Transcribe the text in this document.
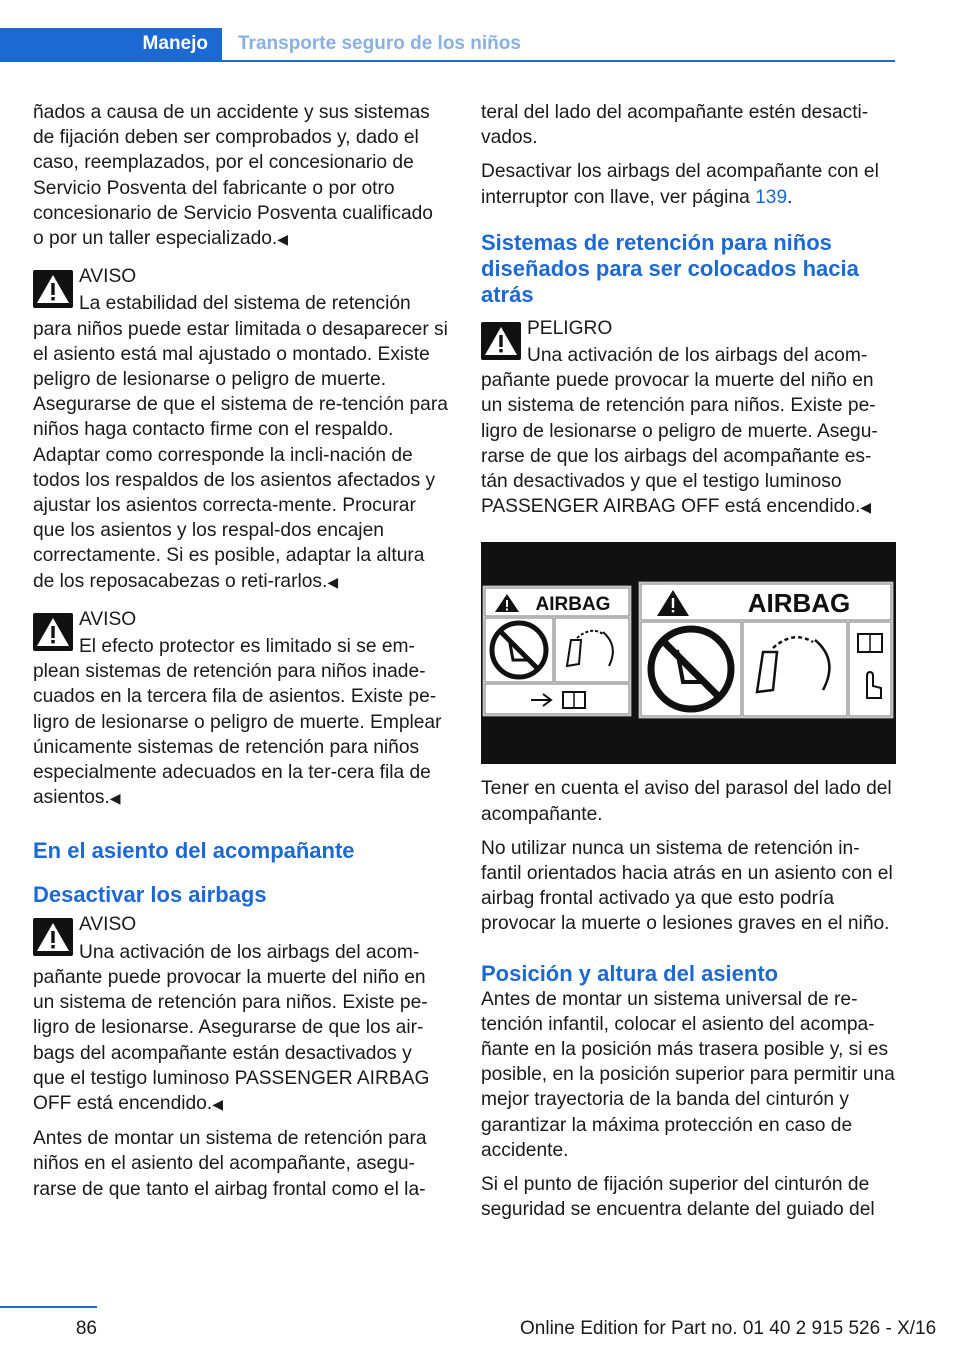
Manejo	Transporte seguro de los niños
ñados a causa de un accidente y sus sistemas de fijación deben ser comprobados y, dado el caso, reemplazados, por el concesionario de Servicio Posventa del fabricante o por otro concesionario de Servicio Posventa cualificado o por un taller especializado.◀
AVISO
La estabilidad del sistema de retención para niños puede estar limitada o desaparecer si el asiento está mal ajustado o montado. Existe peligro de lesionarse o peligro de muerte. Asegurarse de que el sistema de re‐tención para niños haga contacto firme con el respaldo. Adaptar como corresponde la incli‐nación de todos los respaldos de los asientos afectados y ajustar los asientos correcta‐mente. Procurar que los asientos y los respal‐dos encajen correctamente. Si es posible, adaptar la altura de los reposacabezas o reti‐rarlos.◀
AVISO
El efecto protector es limitado si se em‐plean sistemas de retención para niños inade‐cuados en la tercera fila de asientos. Existe pe‐ligro de lesionarse o peligro de muerte. Emplear únicamente sistemas de retención para niños especialmente adecuados en la ter‐cera fila de asientos.◀
En el asiento del acompañante
Desactivar los airbags
AVISO
Una activación de los airbags del acom‐pañante puede provocar la muerte del niño en un sistema de retención para niños. Existe pe‐ligro de lesionarse. Asegurarse de que los air‐bags del acompañante están desactivados y que el testigo luminoso PASSENGER AIRBAG OFF está encendido.◀
Antes de montar un sistema de retención para niños en el asiento del acompañante, asegu‐rarse de que tanto el airbag frontal como el la‐
teral del lado del acompañante estén desacti‐vados.
Desactivar los airbags del acompañante con el interruptor con llave, ver página 139.
Sistemas de retención para niños diseñados para ser colocados hacia atrás
PELIGRO
Una activación de los airbags del acom‐pañante puede provocar la muerte del niño en un sistema de retención para niños. Existe pe‐ligro de lesionarse o peligro de muerte. Asegu‐rarse de que los airbags del acompañante es‐tán desactivados y que el testigo luminoso PASSENGER AIRBAG OFF está encendido.◀
AIRBAG	AIRBAG
Tener en cuenta el aviso del parasol del lado del acompañante.
No utilizar nunca un sistema de retención in‐fantil orientados hacia atrás en un asiento con el airbag frontal activado ya que esto podría provocar la muerte o lesiones graves en el niño.
Posición y altura del asiento
Antes de montar un sistema universal de re‐tención infantil, colocar el asiento del acompa‐ñante en la posición más trasera posible y, si es posible, en la posición superior para permitir una mejor trayectoria de la banda del cinturón y garantizar la máxima protección en caso de accidente.
Si el punto de fijación superior del cinturón de seguridad se encuentra delante del guiado del
86	Online Edition for Part no. 01 40 2 915 526 - X/16
